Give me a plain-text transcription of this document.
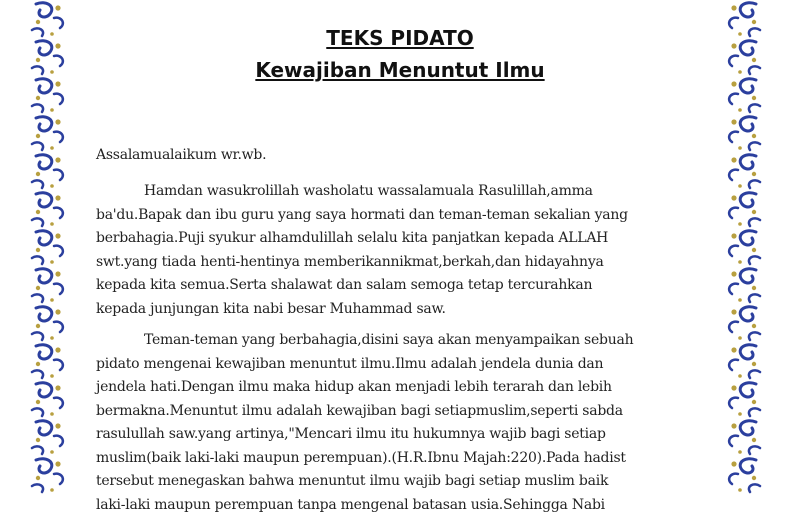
TEKS PIDATO
Kewajiban Menuntut Ilmu
Assalamualaikum wr.wb.
Hamdan wasukrolillah washolatu wassalamuala Rasulillah,amma
ba'du.Bapak dan ibu guru yang saya hormati dan teman-teman sekalian yang
berbahagia.Puji syukur alhamdulillah selalu kita panjatkan kepada ALLAH
swt.yang tiada henti-hentinya memberikannikmat,berkah,dan hidayahnya
kepada kita semua.Serta shalawat dan salam semoga tetap tercurahkan
kepada junjungan kita nabi besar Muhammad saw.
Teman-teman yang berbahagia,disini saya akan menyampaikan sebuah
pidato mengenai kewajiban menuntut ilmu.Ilmu adalah jendela dunia dan
jendela hati.Dengan ilmu maka hidup akan menjadi lebih terarah dan lebih
bermakna.Menuntut ilmu adalah kewajiban bagi setiapmuslim,seperti sabda
rasulullah saw.yang artinya,"Mencari ilmu itu hukumnya wajib bagi setiap
muslim(baik laki-laki maupun perempuan).(H.R.Ibnu Majah:220).Pada hadist
tersebut menegaskan bahwa menuntut ilmu wajib bagi setiap muslim baik
laki-laki maupun perempuan tanpa mengenal batasan usia.Sehingga Nabi
